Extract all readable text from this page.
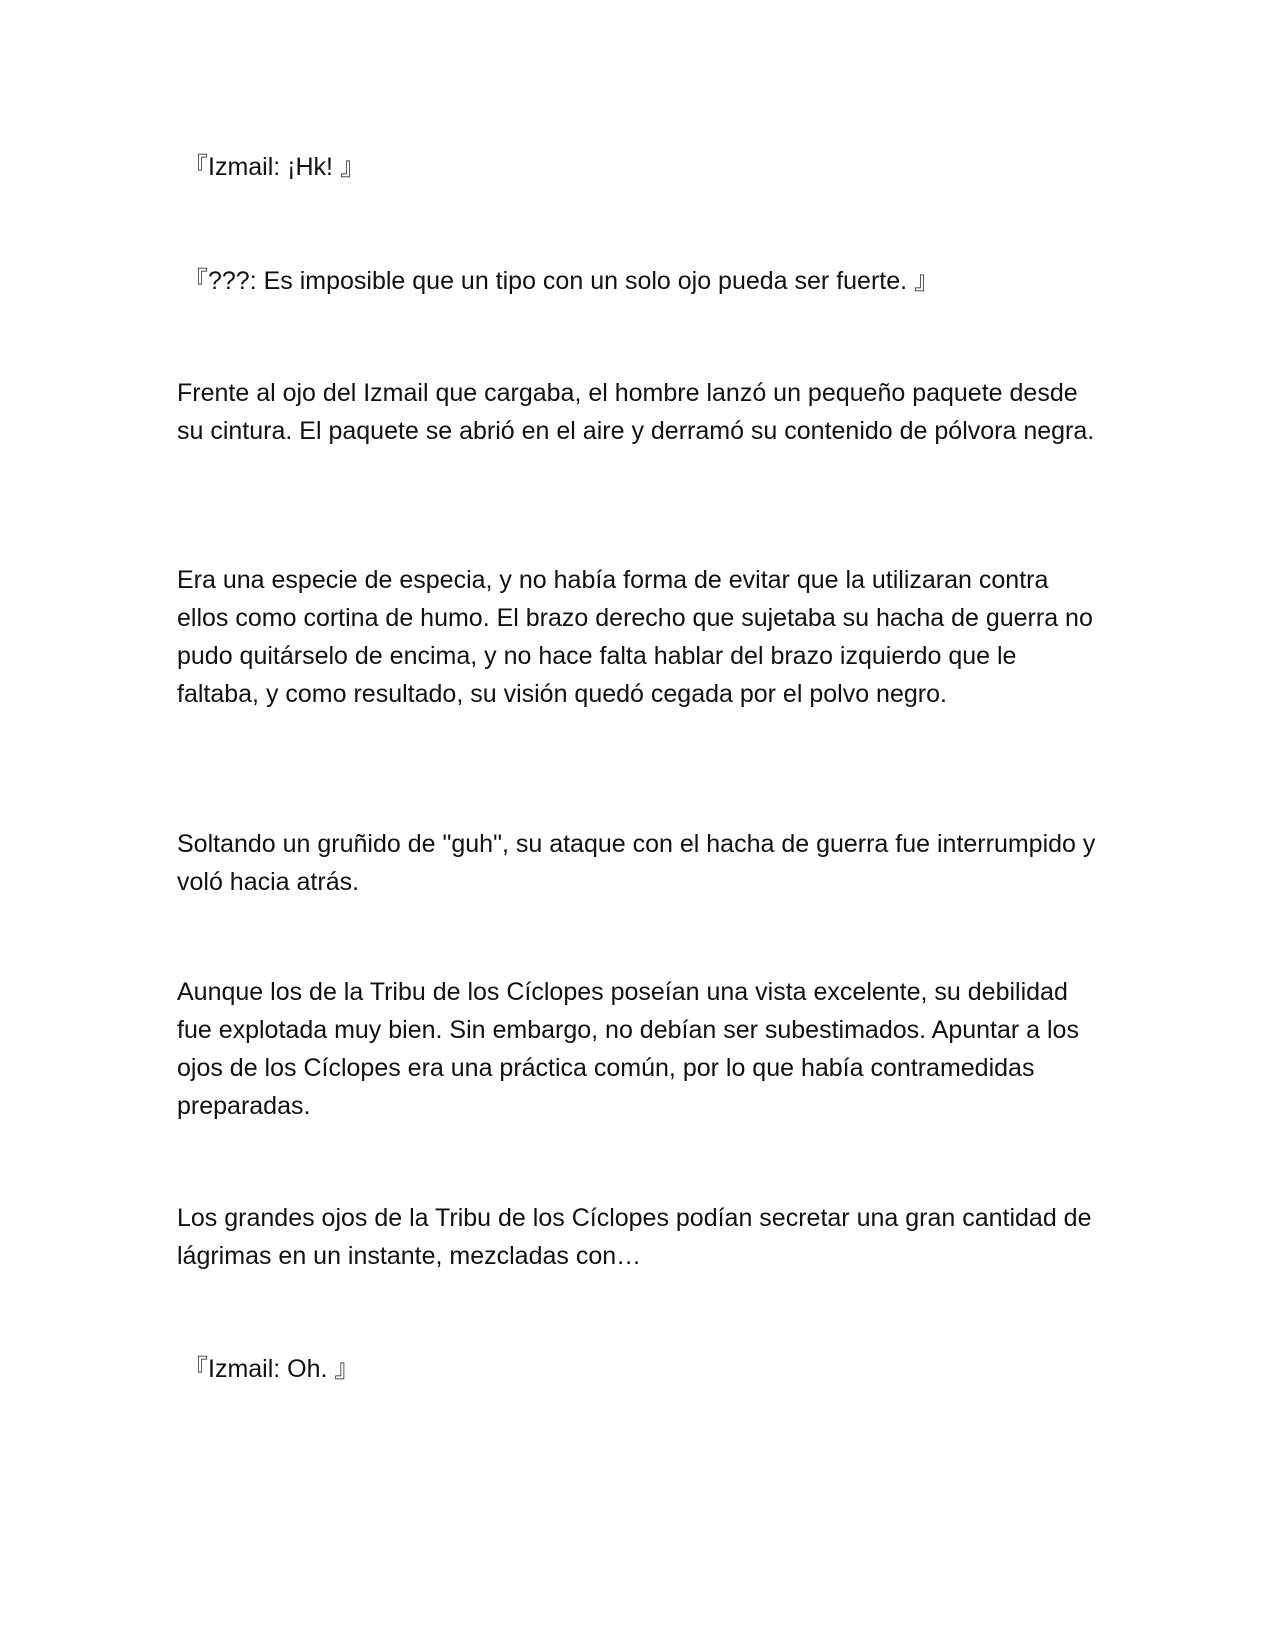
『Izmail: ¡Hk! 』

『???: Es imposible que un tipo con un solo ojo pueda ser fuerte. 』

Frente al ojo del Izmail que cargaba, el hombre lanzó un pequeño paquete desde su cintura. El paquete se abrió en el aire y derramó su contenido de pólvora negra.

Era una especie de especia, y no había forma de evitar que la utilizaran contra ellos como cortina de humo. El brazo derecho que sujetaba su hacha de guerra no pudo quitárselo de encima, y no hace falta hablar del brazo izquierdo que le faltaba, y como resultado, su visión quedó cegada por el polvo negro.

Soltando un gruñido de "guh", su ataque con el hacha de guerra fue interrumpido y voló hacia atrás.

Aunque los de la Tribu de los Cíclopes poseían una vista excelente, su debilidad fue explotada muy bien. Sin embargo, no debían ser subestimados. Apuntar a los ojos de los Cíclopes era una práctica común, por lo que había contramedidas preparadas.

Los grandes ojos de la Tribu de los Cíclopes podían secretar una gran cantidad de lágrimas en un instante, mezcladas con…

『Izmail: Oh. 』
